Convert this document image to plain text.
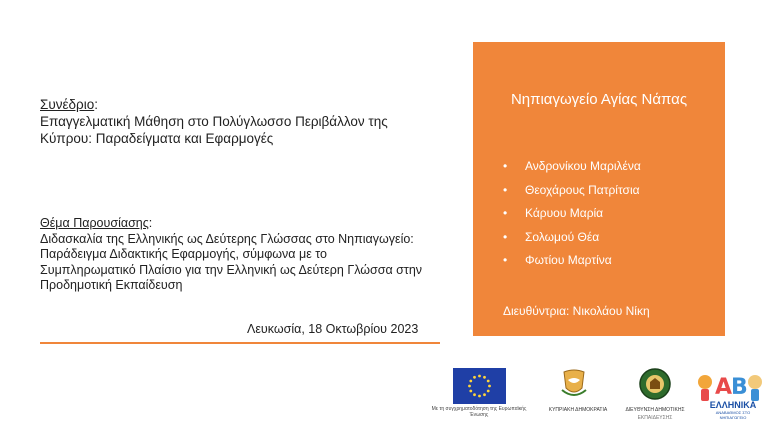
Συνέδριο:
Επαγγελματική Μάθηση στο Πολύγλωσσο Περιβάλλον της Κύπρου: Παραδείγματα και Εφαρμογές
Θέμα Παρουσίασης:
Διδασκαλία της Ελληνικής ως Δεύτερης Γλώσσας στο Νηπιαγωγείο: Παράδειγμα Διδακτικής Εφαρμογής, σύμφωνα με το Συμπληρωματικό Πλαίσιο για την Ελληνική ως Δεύτερη Γλώσσα στην Προδημοτική Εκπαίδευση
Λευκωσία, 18 Οκτωβρίου 2023
Νηπιαγωγείο Αγίας Νάπας
• Ανδρονίκου Μαριλένα
• Θεοχάρους Πατρίτσια
• Κάρυου Μαρία
• Σολωμού Θέα
• Φωτίου Μαρτίνα
Διευθύντρια: Νικολάου Νίκη
Με τη συγχρηματοδότηση της Ευρωπαϊκής Ένωσης
ΚΥΠΡΙΑΚΗ ΔΗΜΟΚΡΑΤΙΑ	ΔΙΕΥΘΥΝΣΗ ΔΗΜΟΤΙΚΗΣ
ΕΚΠΑΙΔΕΥΣΗΣ
Α
Β
ΕΛΛΗΝΙΚΑ
ΑΝΑΒΑΘΜΟΣ ΣΤΟ ΝΗΠΙΑΓΩΓΕΙΟ
